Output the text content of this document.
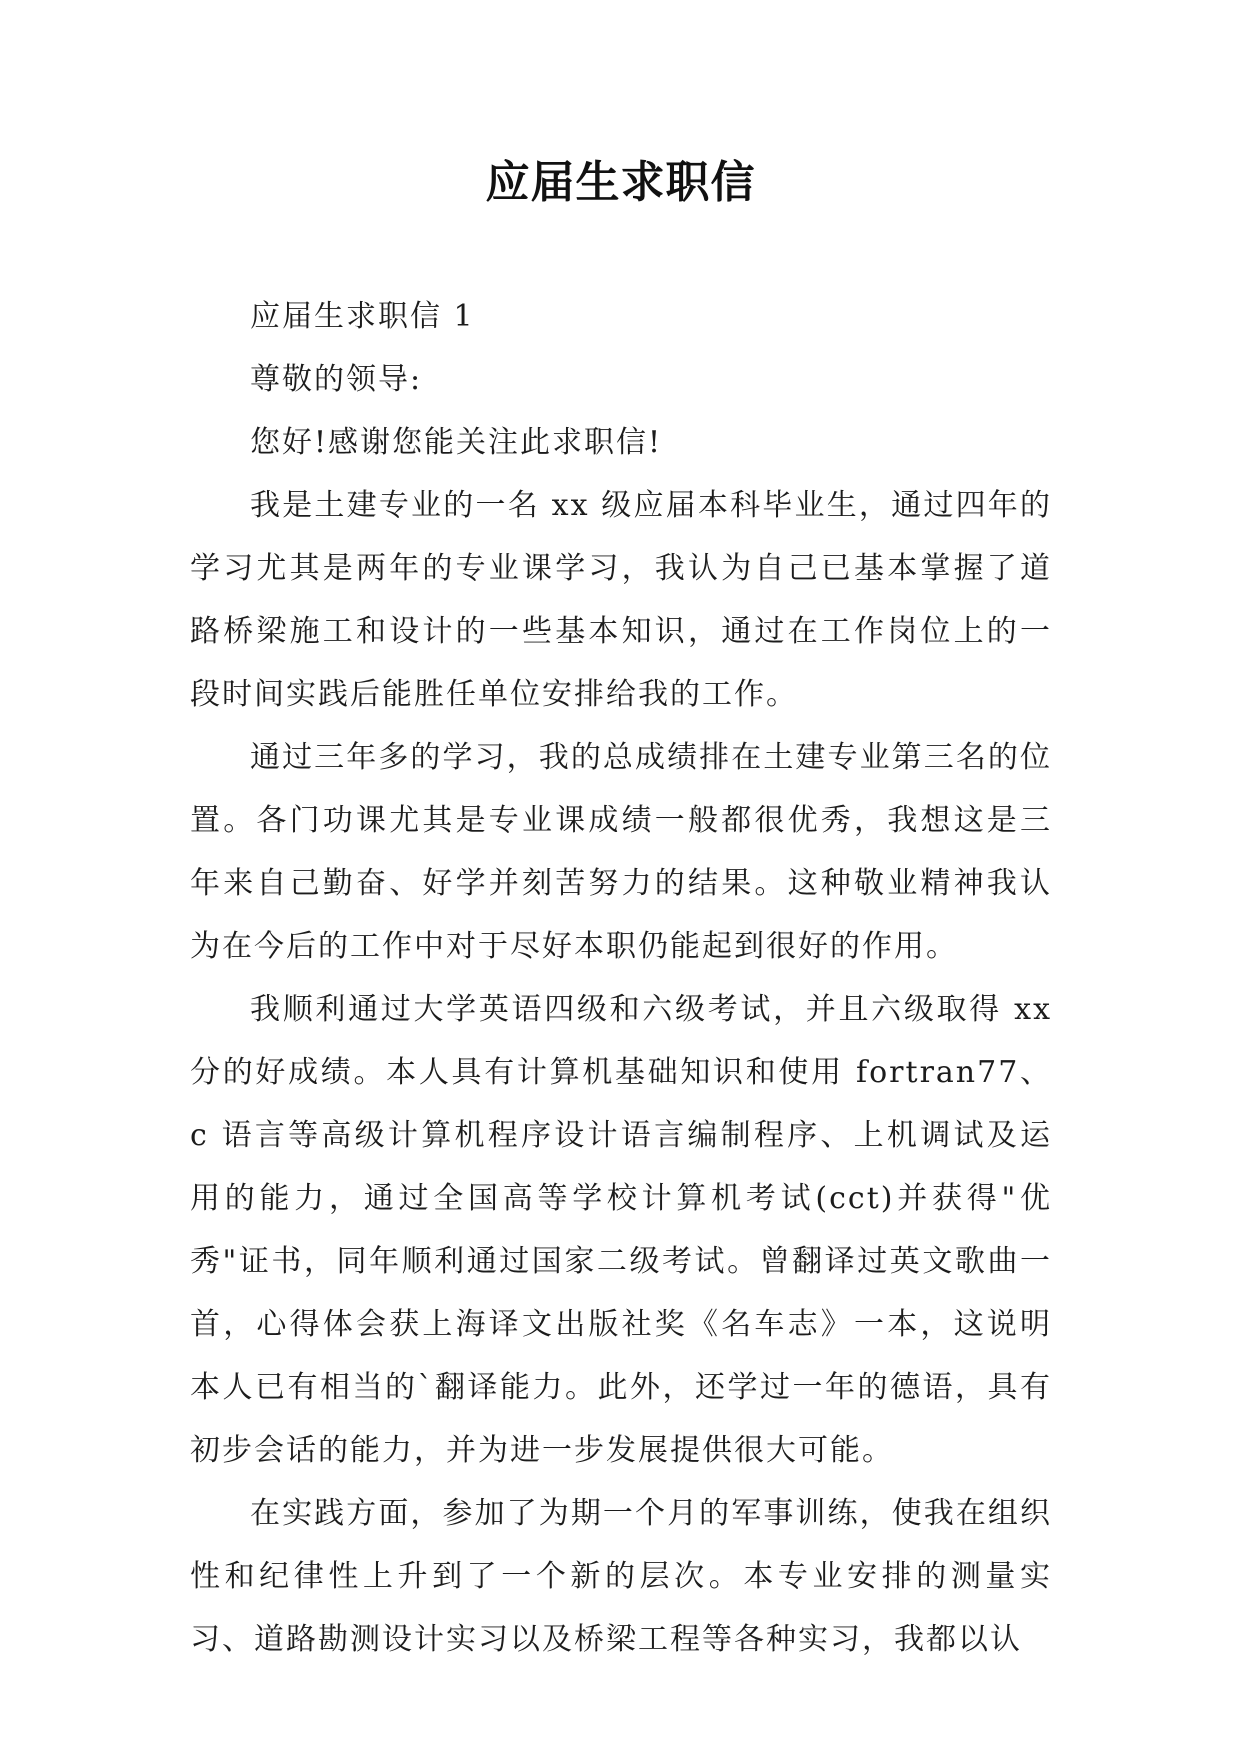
应届生求职信

应届生求职信 1

尊敬的领导:

您好!感谢您能关注此求职信!

我是土建专业的一名 xx 级应届本科毕业生，通过四年的学习尤其是两年的专业课学习，我认为自己已基本掌握了道路桥梁施工和设计的一些基本知识，通过在工作岗位上的一段时间实践后能胜任单位安排给我的工作。

通过三年多的学习，我的总成绩排在土建专业第三名的位置。各门功课尤其是专业课成绩一般都很优秀，我想这是三年来自己勤奋、好学并刻苦努力的结果。这种敬业精神我认为在今后的工作中对于尽好本职仍能起到很好的作用。

我顺利通过大学英语四级和六级考试，并且六级取得 xx 分的好成绩。本人具有计算机基础知识和使用 fortran77、c 语言等高级计算机程序设计语言编制程序、上机调试及运用的能力，通过全国高等学校计算机考试(cct)并获得"优秀"证书，同年顺利通过国家二级考试。曾翻译过英文歌曲一首，心得体会获上海译文出版社奖《名车志》一本，这说明本人已有相当的`翻译能力。此外，还学过一年的德语，具有初步会话的能力，并为进一步发展提供很大可能。

在实践方面，参加了为期一个月的军事训练，使我在组织性和纪律性上升到了一个新的层次。本专业安排的测量实习、道路勘测设计实习以及桥梁工程等各种实习，我都以认
